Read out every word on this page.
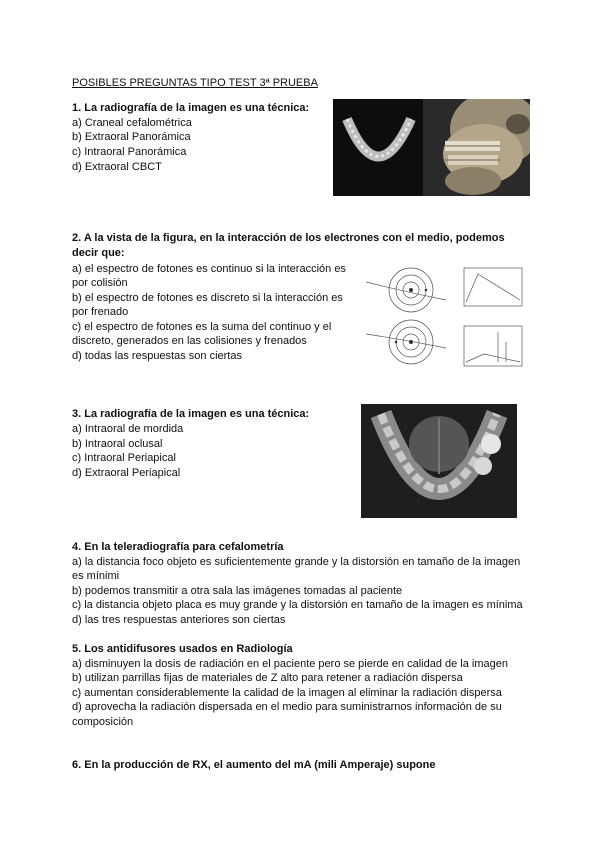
POSIBLES PREGUNTAS TIPO TEST 3ª PRUEBA
1. La radiografía de la imagen es una técnica:
a) Craneal cefalométrica
b) Extraoral Panorámica
c) Intraoral Panorámica
d) Extraoral CBCT
2. A la vista de la figura, en la interacción de los electrones con el medio, podemos
decir que:
a) el espectro de fotones es continuo si la interacción es
por colisión
b) el espectro de fotones es discreto si la interacción es
por frenado
c) el espectro de fotones es la suma del continuo y el
discreto, generados en las colisiones y frenados
d) todas las respuestas son ciertas
3. La radiografía de la imagen es una técnica:
a) Intraoral de mordida
b) Intraoral oclusal
c) Intraoral Periapical
d) Extraoral Periapical
4. En la teleradiografía para cefalometría
a) la distancia foco objeto es suficientemente grande y la distorsión en tamaño de la imagen
es mínimi
b) podemos transmitir a otra sala las imágenes tomadas al paciente
c) la distancia objeto placa es muy grande y la distorsión en tamaño de la imagen es mínima
d) las tres respuestas anteriores son ciertas
5. Los antidifusores usados en Radiología
a) disminuyen la dosis de radiación en el paciente pero se pierde en calidad de la imagen
b) utilizan parrillas fijas de materiales de Z alto para retener a radiación dispersa
c) aumentan considerablemente la calidad de la imagen al eliminar la radiación dispersa
d) aprovecha la radiación dispersada en el medio para suministrarnos información de su
composición
6. En la producción de RX, el aumento del mA (mili Amperaje) supone
